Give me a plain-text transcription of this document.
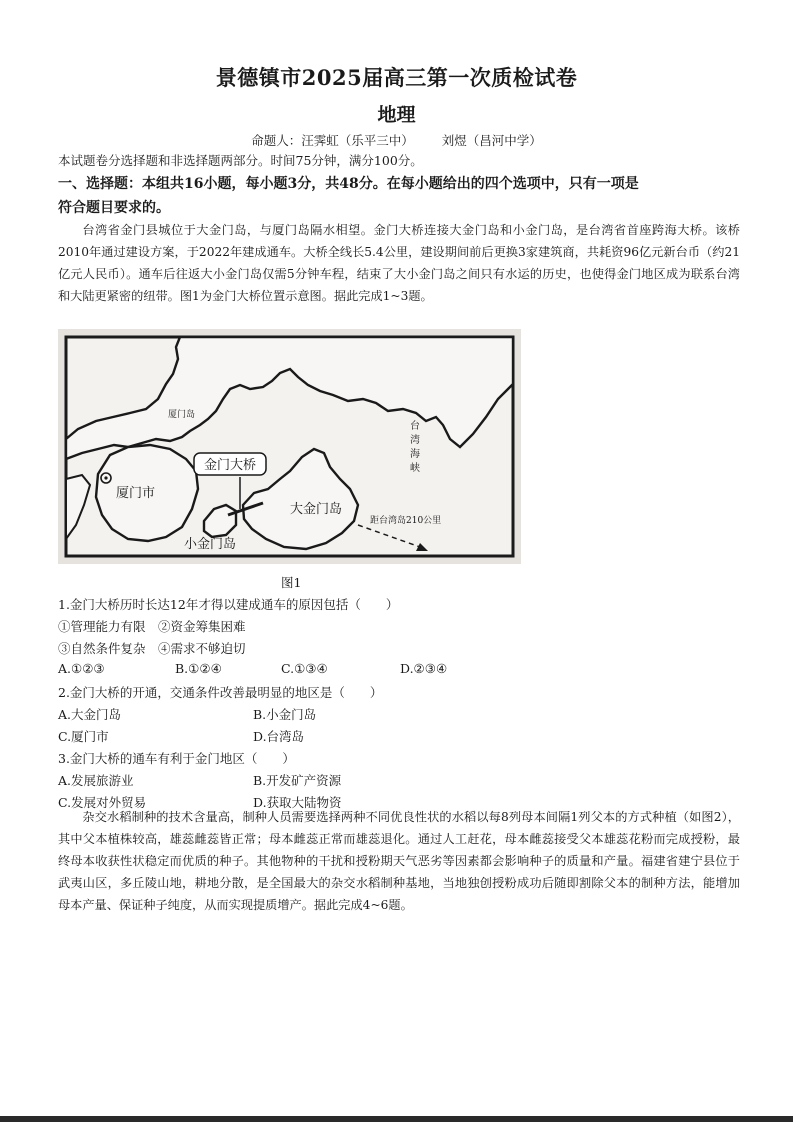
景德镇市2025届高三第一次质检试卷
地理
命题人：汪霁虹（乐平三中） 刘煜（昌河中学）
本试题卷分选择题和非选择题两部分。时间75分钟，满分100分。
一、选择题：本组共16小题，每小题3分，共48分。在每小题给出的四个选项中，只有一项是
符合题目要求的。
台湾省金门县城位于大金门岛，与厦门岛隔水相望。金门大桥连接大金门岛和小金门岛，是台湾省首座跨海大桥。该桥2010年通过建设方案，于2022年建成通车。大桥全线长5.4公里，建设期间前后更换3家建筑商，共耗资96亿元新台币（约21亿元人民币）。通车后往返大小金门岛仅需5分钟车程，结束了大小金门岛之间只有水运的历史，也使得金门地区成为联系台湾和大陆更紧密的纽带。图1为金门大桥位置示意图。据此完成1~3题。
金门大桥
厦门市
厦门岛
大金门岛
小金门岛
台
湾
海
峡
距台湾岛210公里
图1
1.金门大桥历时长达12年才得以建成通车的原因包括（　　）
①管理能力有限　②资金筹集困难
③自然条件复杂　④需求不够迫切
A.①②③	B.①②④	C.①③④	D.②③④
2.金门大桥的开通，交通条件改善最明显的地区是（　　）
A.大金门岛	B.小金门岛
C.厦门市	D.台湾岛
3.金门大桥的通车有利于金门地区（　　）
A.发展旅游业	B.开发矿产资源
C.发展对外贸易	D.获取大陆物资
杂交水稻制种的技术含量高，制种人员需要选择两种不同优良性状的水稻以每8列母本间隔1列父本的方式种植（如图2），其中父本植株较高，雄蕊雌蕊皆正常；母本雌蕊正常而雄蕊退化。通过人工赶花，母本雌蕊接受父本雄蕊花粉而完成授粉，最终母本收获性状稳定而优质的种子。其他物种的干扰和授粉期天气恶劣等因素都会影响种子的质量和产量。福建省建宁县位于武夷山区，多丘陵山地，耕地分散，是全国最大的杂交水稻制种基地，当地独创授粉成功后随即割除父本的制种方法，能增加母本产量、保证种子纯度，从而实现提质增产。据此完成4~6题。
